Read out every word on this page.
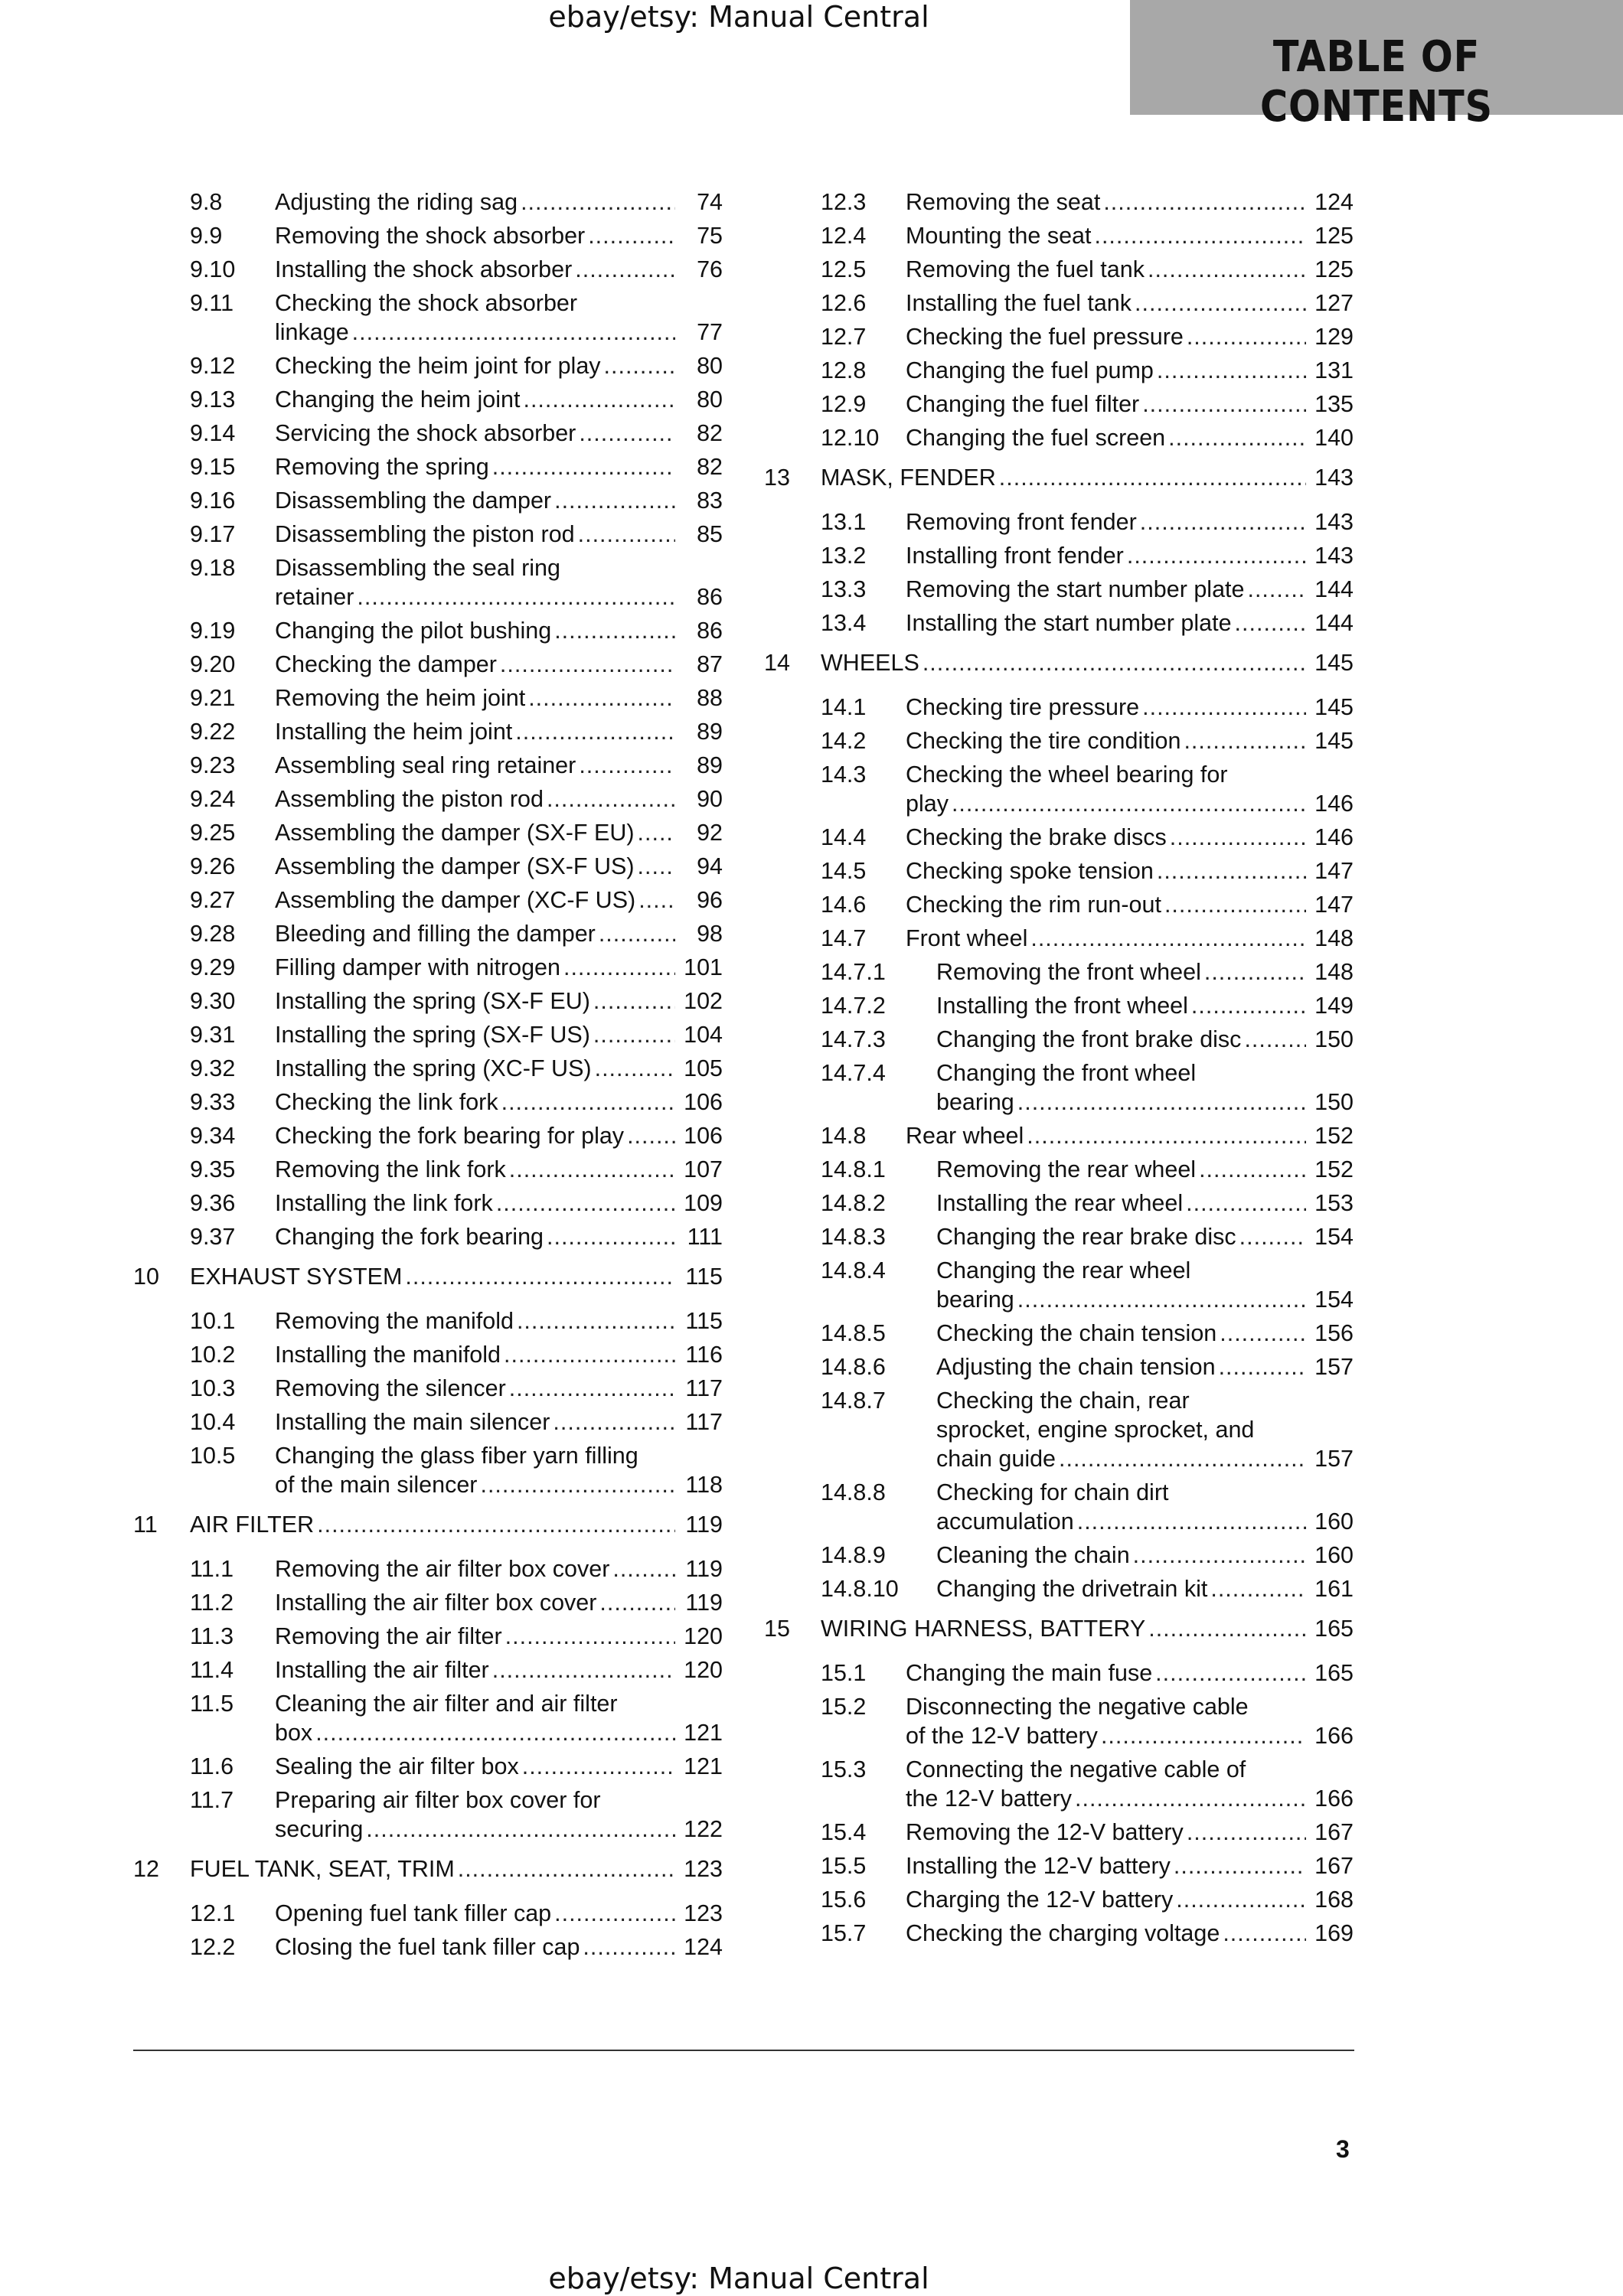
ebay/etsy: Manual Central
TABLE OF CONTENTS
9.8 Adjusting the riding sag .....	74
9.9 Removing the shock absorber .....	75
9.10 Installing the shock absorber .....	76
9.11 Checking the shock absorber
linkage .....	77
9.12 Checking the heim joint for play .....	80
9.13 Changing the heim joint .....	80
9.14 Servicing the shock absorber .....	82
9.15 Removing the spring .....	82
9.16 Disassembling the damper .....	83
9.17 Disassembling the piston rod .....	85
9.18 Disassembling the seal ring
retainer .....	86
9.19 Changing the pilot bushing .....	86
9.20 Checking the damper .....	87
9.21 Removing the heim joint .....	88
9.22 Installing the heim joint .....	89
9.23 Assembling seal ring retainer .....	89
9.24 Assembling the piston rod .....	90
9.25 Assembling the damper (SX-F EU) .....	92
9.26 Assembling the damper (SX-F US) .....	94
9.27 Assembling the damper (XC-F US) .....	96
9.28 Bleeding and filling the damper .....	98
9.29 Filling damper with nitrogen .....	101
9.30 Installing the spring (SX-F EU) .....	102
9.31 Installing the spring (SX-F US) .....	104
9.32 Installing the spring (XC-F US) .....	105
9.33 Checking the link fork .....	106
9.34 Checking the fork bearing for play .....	106
9.35 Removing the link fork .....	107
9.36 Installing the link fork .....	109
9.37 Changing the fork bearing .....	111
10 EXHAUST SYSTEM .....	115
10.1 Removing the manifold .....	115
10.2 Installing the manifold .....	116
10.3 Removing the silencer .....	117
10.4 Installing the main silencer .....	117
10.5 Changing the glass fiber yarn filling
of the main silencer .....	118
11 AIR FILTER .....	119
11.1 Removing the air filter box cover .....	119
11.2 Installing the air filter box cover .....	119
11.3 Removing the air filter .....	120
11.4 Installing the air filter .....	120
11.5 Cleaning the air filter and air filter
box .....	121
11.6 Sealing the air filter box .....	121
11.7 Preparing air filter box cover for
securing .....	122
12 FUEL TANK, SEAT, TRIM .....	123
12.1 Opening fuel tank filler cap .....	123
12.2 Closing the fuel tank filler cap .....	124
12.3 Removing the seat .....	124
12.4 Mounting the seat .....	125
12.5 Removing the fuel tank .....	125
12.6 Installing the fuel tank .....	127
12.7 Checking the fuel pressure .....	129
12.8 Changing the fuel pump .....	131
12.9 Changing the fuel filter .....	135
12.10 Changing the fuel screen .....	140
13 MASK, FENDER .....	143
13.1 Removing front fender .....	143
13.2 Installing front fender .....	143
13.3 Removing the start number plate .....	144
13.4 Installing the start number plate .....	144
14 WHEELS .....	145
14.1 Checking tire pressure .....	145
14.2 Checking the tire condition .....	145
14.3 Checking the wheel bearing for
play .....	146
14.4 Checking the brake discs .....	146
14.5 Checking spoke tension .....	147
14.6 Checking the rim run-out .....	147
14.7 Front wheel .....	148
14.7.1 Removing the front wheel .....	148
14.7.2 Installing the front wheel .....	149
14.7.3 Changing the front brake disc .....	150
14.7.4 Changing the front wheel
bearing .....	150
14.8 Rear wheel .....	152
14.8.1 Removing the rear wheel .....	152
14.8.2 Installing the rear wheel .....	153
14.8.3 Changing the rear brake disc .....	154
14.8.4 Changing the rear wheel
bearing .....	154
14.8.5 Checking the chain tension .....	156
14.8.6 Adjusting the chain tension .....	157
14.8.7 Checking the chain, rear
sprocket, engine sprocket, and
chain guide .....	157
14.8.8 Checking for chain dirt
accumulation .....	160
14.8.9 Cleaning the chain .....	160
14.8.10 Changing the drivetrain kit .....	161
15 WIRING HARNESS, BATTERY .....	165
15.1 Changing the main fuse .....	165
15.2 Disconnecting the negative cable
of the 12-V battery .....	166
15.3 Connecting the negative cable of
the 12-V battery .....	166
15.4 Removing the 12-V battery .....	167
15.5 Installing the 12-V battery .....	167
15.6 Charging the 12-V battery .....	168
15.7 Checking the charging voltage .....	169
3
ebay/etsy: Manual Central
